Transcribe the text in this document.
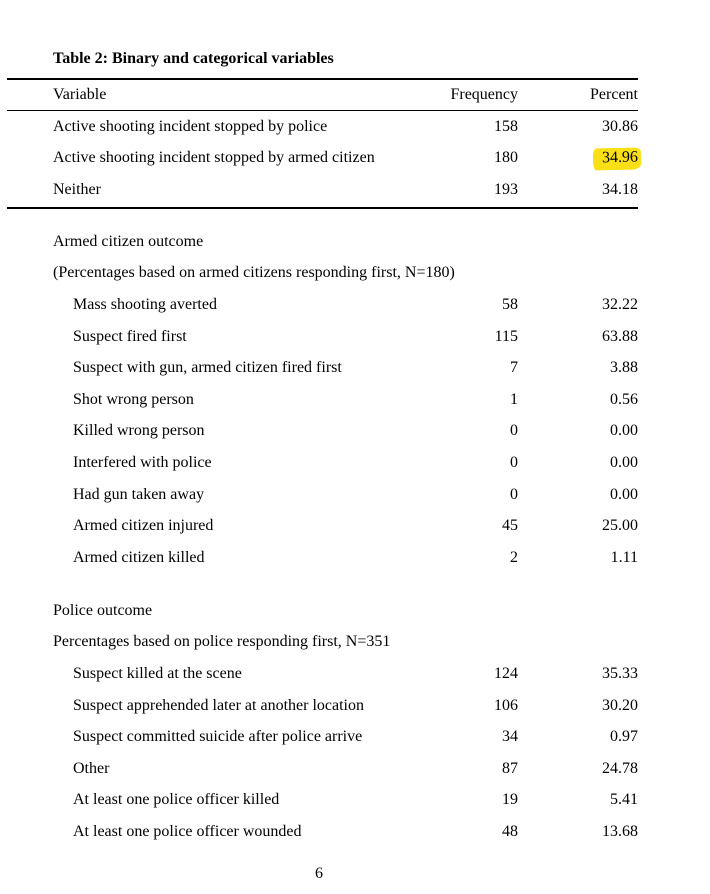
Table 2: Binary and categorical variables
Variable	Frequency	Percent
Active shooting incident stopped by police	158	30.86
Active shooting incident stopped by armed citizen	180	34.96
Neither	193	34.18
Armed citizen outcome
(Percentages based on armed citizens responding first, N=180)
Mass shooting averted	58	32.22
Suspect fired first	115	63.88
Suspect with gun, armed citizen fired first	7	3.88
Shot wrong person	1	0.56
Killed wrong person	0	0.00
Interfered with police	0	0.00
Had gun taken away	0	0.00
Armed citizen injured	45	25.00
Armed citizen killed	2	1.11
Police outcome
Percentages based on police responding first, N=351
Suspect killed at the scene	124	35.33
Suspect apprehended later at another location	106	30.20
Suspect committed suicide after police arrive	34	0.97
Other	87	24.78
At least one police officer killed	19	5.41
At least one police officer wounded	48	13.68
6
